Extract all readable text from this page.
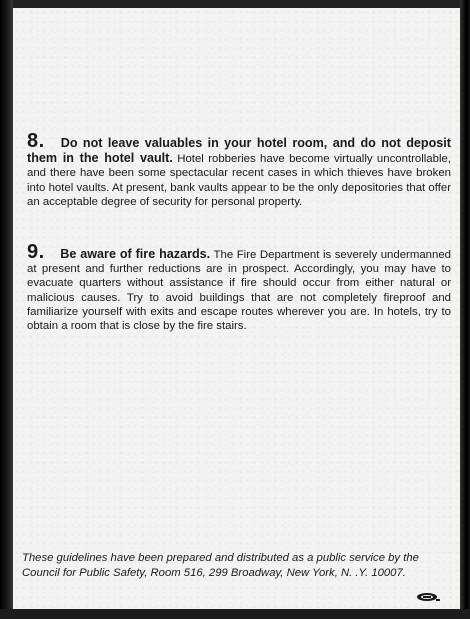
8. Do not leave valuables in your hotel room, and do not deposit them in the hotel vault. Hotel robberies have become virtually uncontrollable, and there have been some spectacular recent cases in which thieves have broken into hotel vaults. At present, bank vaults appear to be the only depositories that offer an acceptable degree of security for personal property.
9. Be aware of fire hazards. The Fire Department is severely undermanned at present and further reductions are in prospect. Accordingly, you may have to evacuate quarters without assistance if fire should occur from either natural or malicious causes. Try to avoid buildings that are not completely fireproof and familiarize yourself with exits and escape routes wherever you are. In hotels, try to obtain a room that is close by the fire stairs.
These guidelines have been prepared and distributed as a public service by the Council for Public Safety, Room 516, 299 Broadway, New York, N. .Y. 10007.
